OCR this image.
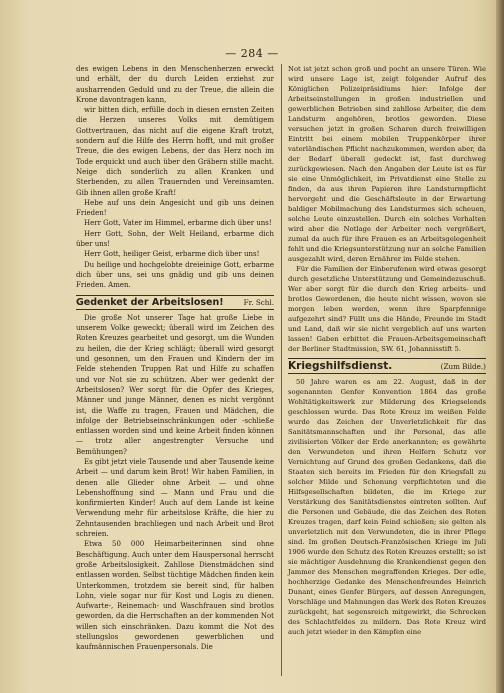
— 284 —

des ewigen Lebens in den Menschenherzen erweckt und erhält, der du durch Leiden erziehst zur ausharrenden Geduld und zu der Treue, die allein die Krone davontragen kann,

wir bitten dich, erfülle doch in diesen ernsten Zeiten die Herzen unseres Volks mit demütigem Gottvertrauen, das nicht auf die eigene Kraft trotzt, sondern auf die Hilfe des Herrn hofft, und mit großer Treue, die des ewigen Lebens, der das Herz noch im Tode erquickt und auch über den Gräbern stille macht. Neige dich sonderlich zu allen Kranken und Sterbenden, zu allen Trauernden und Vereinsamten. Gib ihnen allen große Kraft!

Hebe auf uns dein Angesicht und gib uns deinen Frieden!

Herr Gott, Vater im Himmel, erbarme dich über uns!

Herr Gott, Sohn, der Welt Heiland, erbarme dich über uns!

Herr Gott, heiliger Geist, erbarme dich über uns!

Du heilige und hochgelobte dreieinige Gott, erbarme dich über uns, sei uns gnädig und gib uns deinen Frieden. Amen.

Gedenket der Arbeitslosen!	Fr. Schl.

Die große Not unserer Tage hat große Liebe in unserem Volke geweckt; überall wird im Zeichen des Roten Kreuzes gearbeitet und gesorgt, um die Wunden zu heilen, die der Krieg schlägt; überall wird gesorgt und gesonnen, um den Frauen und Kindern der im Felde stehenden Truppen Rat und Hilfe zu schaffen und vor Not sie zu schützen. Aber wer gedenkt der Arbeitslosen? Wer sorgt für die Opfer des Krieges, Männer und junge Männer, denen es nicht vergönnt ist, die Waffe zu tragen, Frauen und Mädchen, die infolge der Betriebseinschränkungen oder -schließe entlassen worden sind und keine Arbeit finden können — trotz aller angestrengter Versuche und Bemühungen?

Es gibt jetzt viele Tausende und aber Tausende keine Arbeit — und darum kein Brot! Wir haben Familien, in denen alle Glieder ohne Arbeit — und ohne Lebenshoffnung sind — Mann und Frau und die konfirmierten Kinder! Auch auf dem Lande ist keine Verwendung mehr für arbeitslose Kräfte, die hier zu Zehntausenden brachliegen und nach Arbeit und Brot schreien.

Etwa 50 000 Heimarbeiterinnen sind ohne Beschäftigung. Auch unter dem Hauspersonal herrscht große Arbeitslosigkeit. Zahllose Dienstmädchen sind entlassen worden. Selbst tüchtige Mädchen finden kein Unterkommen, trotzdem sie bereit sind, für halben Lohn, viele sogar nur für Kost und Logis zu dienen. Aufwarte-, Reinemach- und Waschfrauen sind brotlos geworden, da die Herrschaften an der kommenden Not willen sich einschränken. Dazu kommt die Not des stellungslos gewordenen gewerblichen und kaufmännischen Frauenpersonals. Die

Not ist jetzt schon groß und pocht an unsere Türen. Wie wird unsere Lage ist, zeigt folgender Aufruf des Königlichen Polizeipräsidiums hier: Infolge der Arbeitseinstellungen in großen industriellen und gewerblichen Betrieben sind zahllose Arbeiter, die dem Landsturm angehören, brotlos geworden. Diese versuchen jetzt in großen Scharen durch freiwilligen Eintritt bei einem mobilen Truppenkörper ihrer vaterländischen Pflicht nachzukommen, werden aber, da der Bedarf überall gedeckt ist, fast durchweg zurückgewiesen. Nach den Angaben der Leute ist es für sie eine Unmöglichkeit, im Privatdienst eine Stelle zu finden, da aus ihren Papieren ihre Landsturmpflicht hervorgeht und die Geschäftsleute in der Erwartung baldiger Mobilmachung des Landsturmes sich scheuen, solche Leute einzustellen. Durch ein solches Verhalten wird aber die Notlage der Arbeiter noch vergrößert, zumal da auch für ihre Frauen es an Arbeitsgelegenheit fehlt und die Kriegsunterstützung nur an solche Familien ausgezahlt wird, deren Ernährer im Felde stehen.

Für die Familien der Einberufenen wird etwas gesorgt durch gesetzliche Unterstützung und Gemeindezuschuß. Wer aber sorgt für die durch den Krieg arbeits- und brotlos Gewordenen, die heute nicht wissen, wovon sie morgen leben werden, wenn ihre Sparpfennige aufgezehrt sind? Füllt uns die Hände, Freunde im Stadt und Land, daß wir sie nicht vergeblich auf uns warten lassen! Gaben erbittet die Frauen-Arbeitsgemeinschaft der Berliner Stadtmission, SW. 61, Johannisstift 5.

Kriegshilfsdienst.	(Zum Bilde.)

50 Jahre waren es am 22. August, daß in der sogenannten Genfer Konvention 1864 das große Wohltätigkeitswerk zur Milderung des Kriegselends geschlossen wurde. Das Rote Kreuz im weißen Felde wurde das Zeichen der Unverletzlichkeit für das Sanitätsmannschaften und ihr Personal, das alle zivilisierten Völker der Erde anerkannten; es gewährte den Verwundeten und ihren Helfern Schutz vor Vernichtung auf Grund des großen Gedankens, daß die Staaten sich bereits im Frieden für den Kriegsfall zu solcher Milde und Schonung verpflichteten und die Hilfsgesellschaften bildeten, die im Kriege zur Verstärkung des Sanitätsdienstes eintreten sollten. Auf die Personen und Gebäude, die das Zeichen des Roten Kreuzes tragen, darf kein Feind schießen; sie gelten als unverletzlich mit den Verwundeten, die in ihrer Pflege sind. Im großen Deutsch-Französischen Kriege im Juli 1906 wurde den Schutz des Roten Kreuzes erstellt; so ist sie mächtiger Ausdehnung die Krankendienst gegen den Jammer des Menschen megraffenden Krieges. Der edle, hochherzige Gedanke des Menschenfreundes Heinrich Dunant, eines Genfer Bürgers, auf dessen Anregungen, Vorschläge und Mahnungen das Werk des Roten Kreuzes zurückgeht, hat segensreich mitgewirkt, die Schrecken des Schlachtfeldes zu mildern. Das Rote Kreuz wird auch jetzt wieder in den Kämpfen eine
